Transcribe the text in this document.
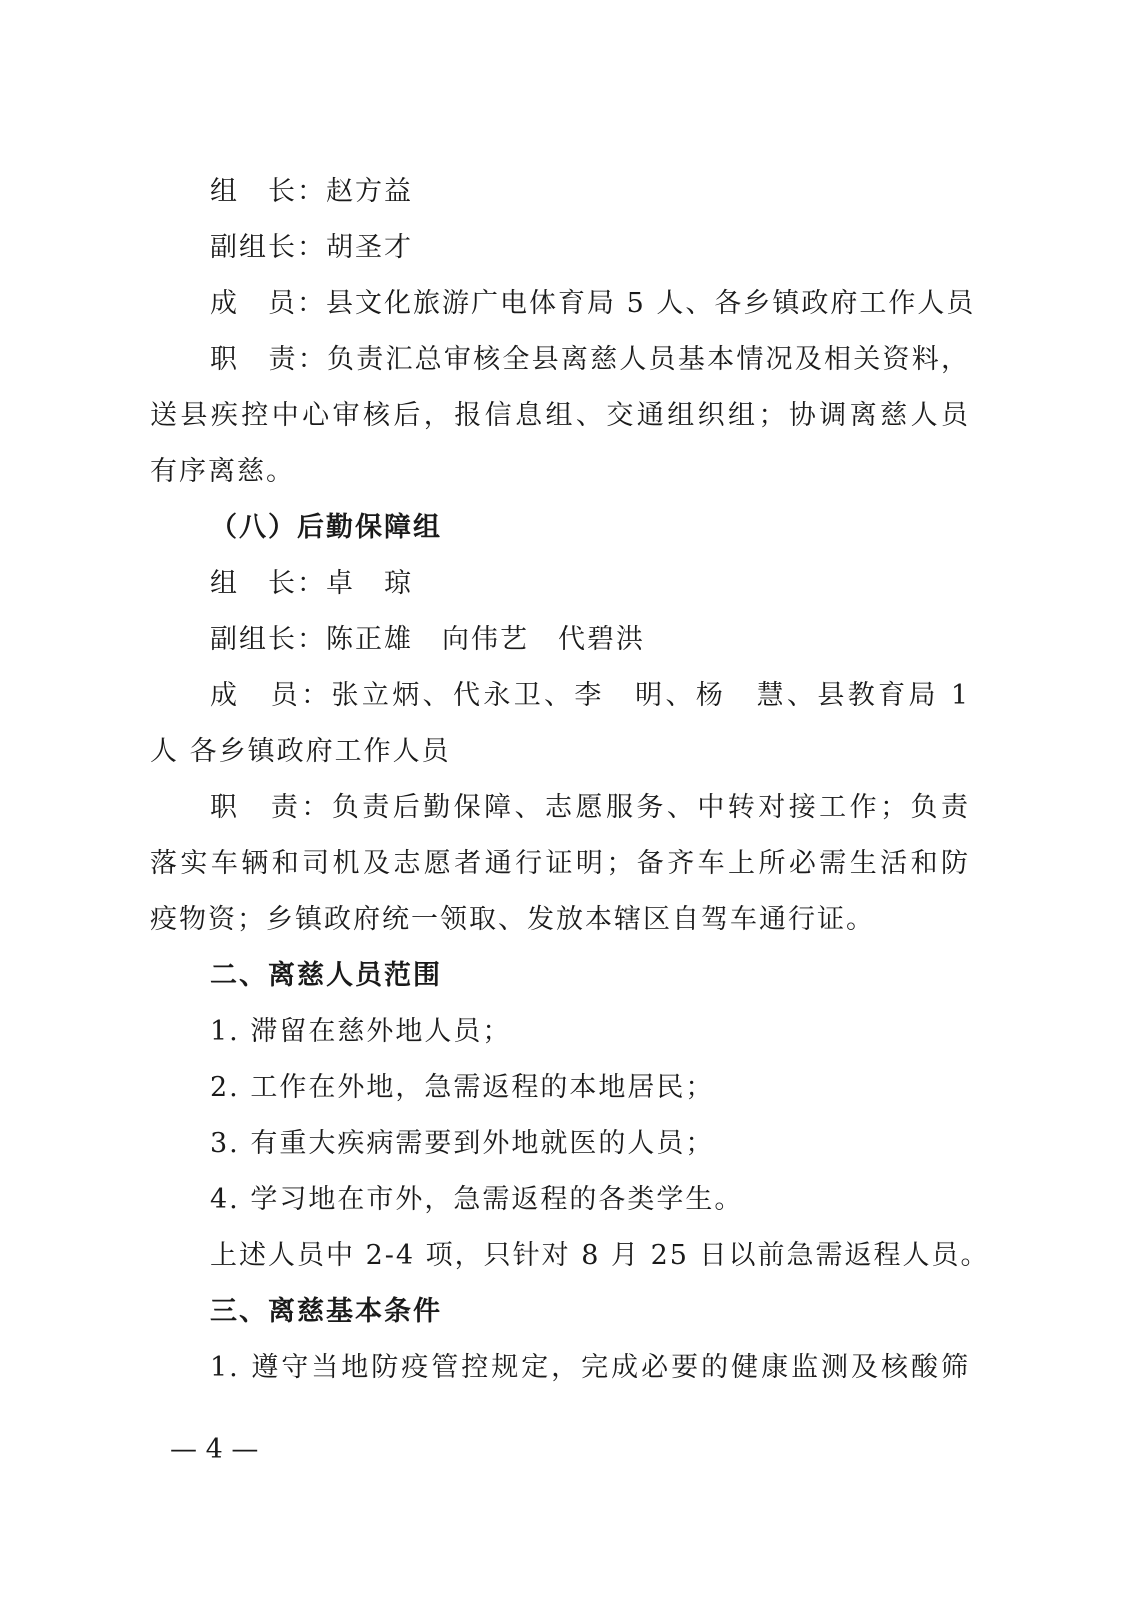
组　长：赵方益
副组长：胡圣才
成　员：县文化旅游广电体育局 5 人、各乡镇政府工作人员
职　责：负责汇总审核全县离慈人员基本情况及相关资料，
送县疾控中心审核后，报信息组、交通组织组；协调离慈人员
有序离慈。
（八）后勤保障组
组　长：卓　琼
副组长：陈正雄　向伟艺　代碧洪
成　员：张立炳、代永卫、李　明、杨　慧、县教育局 1
人 各乡镇政府工作人员
职　责：负责后勤保障、志愿服务、中转对接工作；负责
落实车辆和司机及志愿者通行证明；备齐车上所必需生活和防
疫物资；乡镇政府统一领取、发放本辖区自驾车通行证。
二、离慈人员范围
1. 滞留在慈外地人员；
2. 工作在外地，急需返程的本地居民；
3. 有重大疾病需要到外地就医的人员；
4. 学习地在市外，急需返程的各类学生。
上述人员中 2-4 项，只针对 8 月 25 日以前急需返程人员。
三、离慈基本条件
1. 遵守当地防疫管控规定，完成必要的健康监测及核酸筛
— 4 —
